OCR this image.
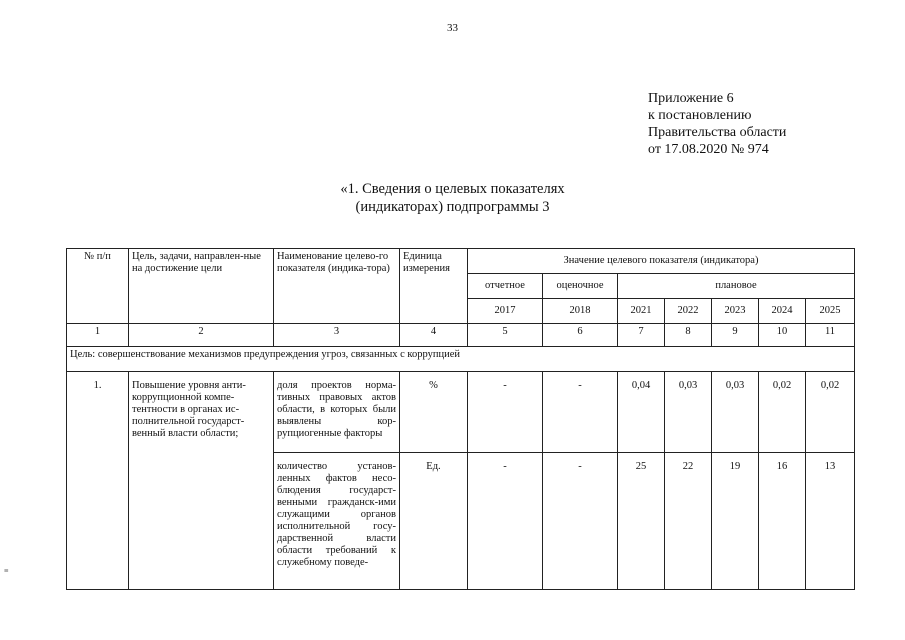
33
Приложение 6
к постановлению
Правительства области
от 17.08.2020 № 974
«1. Сведения о целевых показателях
(индикаторах) подпрограммы 3
№ п/п	Цель, задачи, направлен-ные на достижение цели	Наименование целево-го показателя (индика-тора)	Единица измерения	Значение целевого показателя (индикатора)						
				отчетное	оценочное	плановое				
				2017	2018	2021	2022	2023	2024	2025
1	2	3	4	5	6	7	8	9	10	11
Цель: совершенствование механизмов предупреждения угроз, связанных с коррупцией										
1.	Повышение уровня анти-коррупционной компе-тентности в органах ис-полнительной государст-венный власти области;	доля проектов норма-тивных правовых актов области, в которых были выявлены кор-рупциогенные факторы	%	-	-	0,04	0,03	0,03	0,02	0,02
		количество установ-ленных фактов несо-блюдения государст-венными гражданск-ими служащими органов исполнительной госу-дарственной власти области требований к служебному поведе-	Ед.	-	-	25	22	19	16	13
≡
